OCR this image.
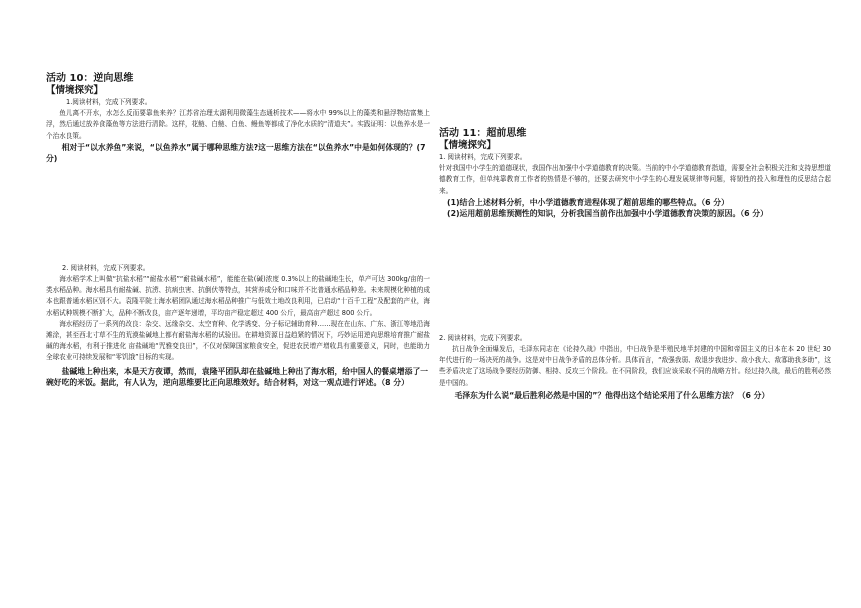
活动 10：逆向思维

【情境探究】

1.阅读材料，完成下列要求。

鱼儿离不开水，水怎么反而要靠鱼来养？江苏省治理太湖利用微藻生态通析技术——将水中 99%以上的藻类和悬浮物结富集上浮，然后通过放养食藻鱼等方法进行清除。这样，花鲢、白鲢、白鱼、鳗鱼等都成了净化水质的“清道夫”。实践证明：以鱼养水是一个治水良策。

相对于“以水养鱼”来说，“以鱼养水”属于哪种思维方法?这一思维方法在“以鱼养水”中是如何体现的？(7 分)

2. 阅读材料，完成下列要求。

海水稻学术上叫做“抗盐水稻”“耐盐水稻”“耐盐碱水稻”，能能在盐(碱)浓度 0.3%以上的盐碱地生长，单产可达 300kg/亩的一类水稻品种。海水稻具有耐盐碱、抗涝、抗病虫害、抗倒伏等特点，其营养成分和口味并不比普通水稻品种差。未来规模化种植的成本也跟普通水稻区别不大。袁隆平院士海水稻团队通过海水稻品种推广与低效土地改良利用，已启动“十百千工程”及配套的产业，海水稻试种规模不断扩大，品种不断改良，亩产逐年递增，平均亩产稳定超过 400 公斤，最高亩产超过 800 公斤。

海水稻经历了一系列的改良：杂交、远缘杂交、太空育种、化学诱变、分子标记辅助育种……现在在山东、广东、浙江等地沿海滩涂，甚至西北寸草不生的荒漠盐碱地上都有耐盐海水稻的试验田。在耕地资源日益趋紧的情况下，巧妙运用逆向思维培育推广耐盐碱的海水稻，有利于推进化 亩盐碱地“咒雅变良田”，不仅对保障国家粮食安全，促进农民增产增收具有重要意义，同时，也能助力全球农业可持续发展和“零饥饿”目标的实现。

盐碱地上种出来，本是天方夜谭，然而，袁隆平团队却在盐碱地上种出了海水稻，给中国人的餐桌增添了一碗好吃的米饭。据此，有人认为，逆向思维要比正向思维效好。结合材料，对这一观点进行评述。（8 分）

活动 11：超前思维

【情境探究】

1. 阅读材料，完成下列要求。

针对我国中小学生的道德现状，我国作出加强中小学道德教育的决策。当前的中小学道德教育指道，需要全社会积极关注和支持思想道德教育工作，但单纯靠教育工作者的热情是不够的，还要去研究中小学生的心理发展规律等问题，将韧性的投入和理性的反思结合起来。

(1)结合上述材料分析，中小学道德教育进程体现了超前思维的哪些特点。（6 分）

(2)运用超前思维预测性的知识，分析我国当前作出加强中小学道德教育决策的原因。（6 分）

2. 阅读材料，完成下列要求。

抗日战争全面爆发后，毛泽东同志在《论持久战》中指出，中日战争是半殖民地半封建的中国和帝国主义的日本在本 20 世纪 30 年代进行的一场决死的战争。这是对中日战争矛盾的总体分析。具体而言，“敌强我弱、敌退步我进步、敌小我大、敌寡助我多助”，这些矛盾决定了这场战争要经历防御、相持、反攻三个阶段。在不同阶段，我们应该采取不同的战略方针。经过持久战，最后的胜利必然是中国的。

毛泽东为什么说“最后胜利必然是中国的”？他得出这个结论采用了什么思维方法？（6 分）
